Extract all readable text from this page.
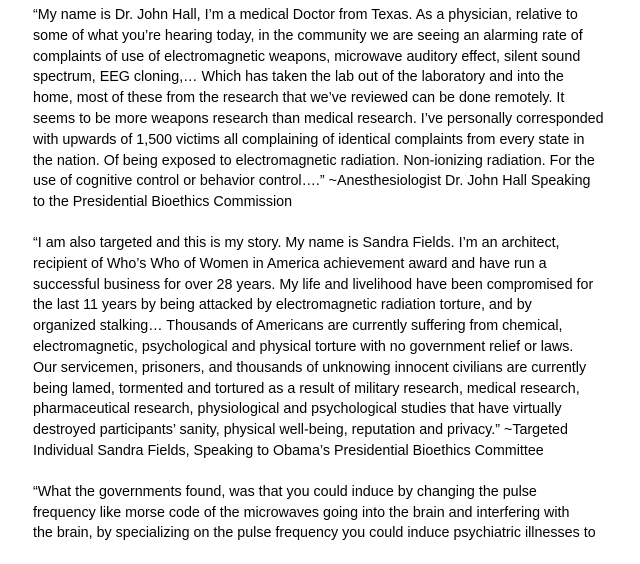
“My name is Dr. John Hall, I’m a medical Doctor from Texas. As a physician, relative to
some of what you’re hearing today, in the community we are seeing an alarming rate of
complaints of use of electromagnetic weapons, microwave auditory effect, silent sound
spectrum, EEG cloning,… Which has taken the lab out of the laboratory and into the
home, most of these from the research that we’ve reviewed can be done remotely. It
seems to be more weapons research than medical research. I’ve personally corresponded
with upwards of 1,500 victims all complaining of identical complaints from every state in
the nation. Of being exposed to electromagnetic radiation. Non-ionizing radiation. For the
use of cognitive control or behavior control….” ~Anesthesiologist Dr. John Hall Speaking
to the Presidential Bioethics Commission

“I am also targeted and this is my story. My name is Sandra Fields. I’m an architect,
recipient of Who’s Who of Women in America achievement award and have run a
successful business for over 28 years. My life and livelihood have been compromised for
the last 11 years by being attacked by electromagnetic radiation torture, and by
organized stalking… Thousands of Americans are currently suffering from chemical,
electromagnetic, psychological and physical torture with no government relief or laws.
Our servicemen, prisoners, and thousands of unknowing innocent civilians are currently
being lamed, tormented and tortured as a result of military research, medical research,
pharmaceutical research, physiological and psychological studies that have virtually
destroyed participants’ sanity, physical well-being, reputation and privacy.” ~Targeted
Individual Sandra Fields, Speaking to Obama’s Presidential Bioethics Committee

“What the governments found, was that you could induce by changing the pulse
frequency like morse code of the microwaves going into the brain and interfering with
the brain, by specializing on the pulse frequency you could induce psychiatric illnesses to
